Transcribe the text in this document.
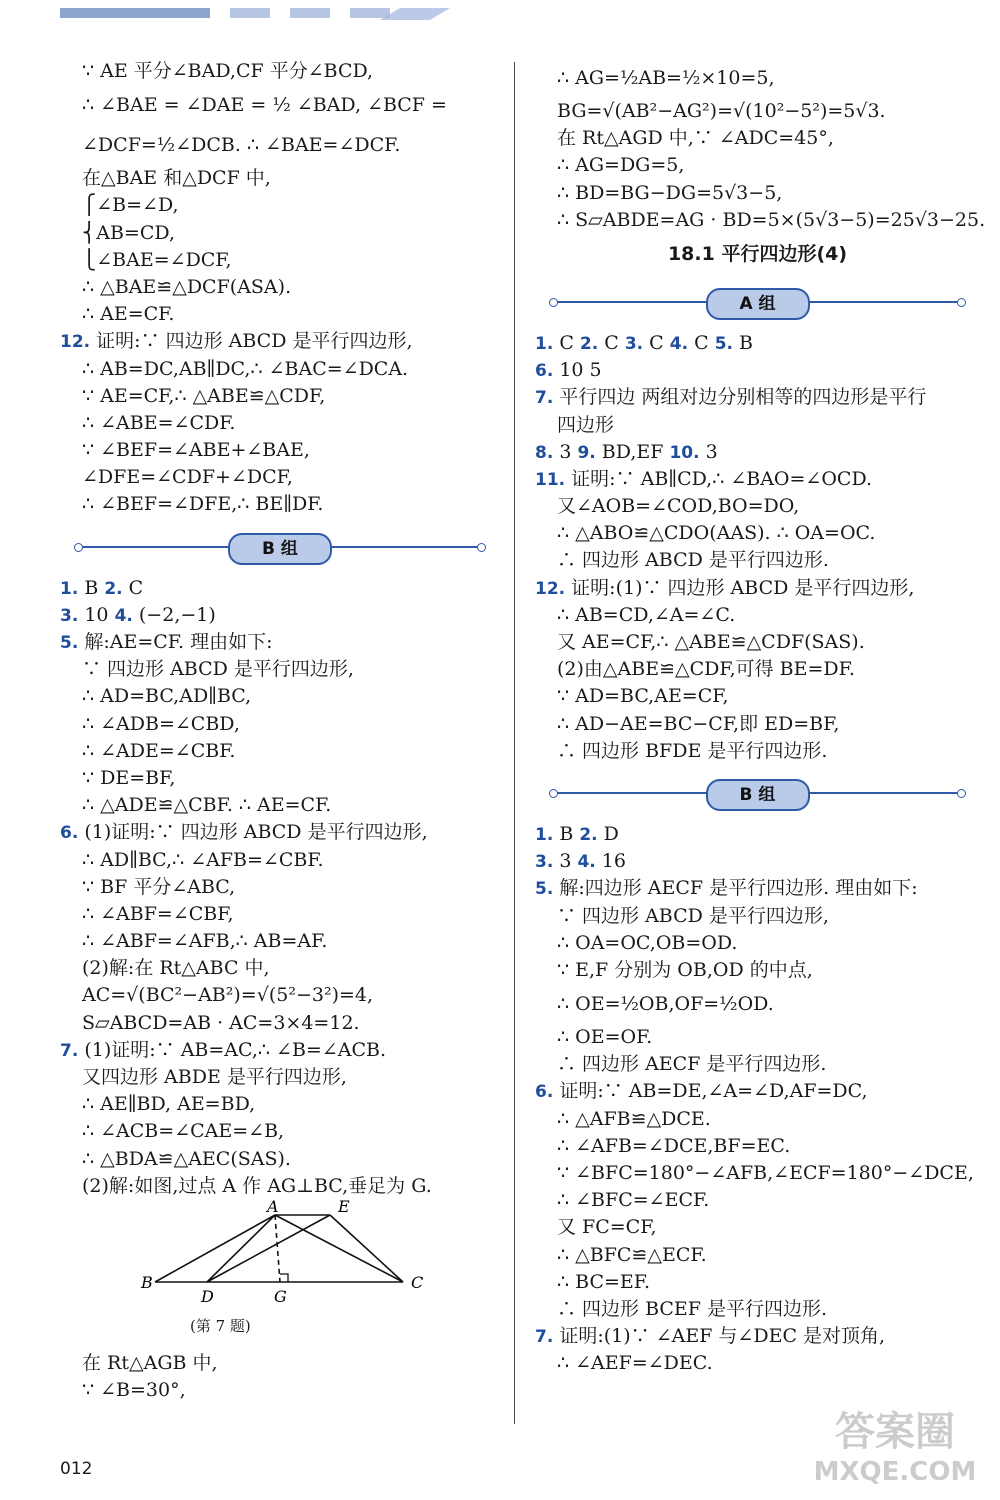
∵ AE 平分∠BAD,CF 平分∠BCD,
∴ ∠BAE = ∠DAE = ½ ∠BAD, ∠BCF =
∠DCF=½∠DCB. ∴ ∠BAE=∠DCF.
在△BAE 和△DCF 中,
⎧∠B=∠D,
⎨AB=CD,
⎩∠BAE=∠DCF,
∴ △BAE≌△DCF(ASA).
∴ AE=CF.
12. 证明:∵ 四边形 ABCD 是平行四边形,
∴ AB=DC,AB∥DC,∴ ∠BAC=∠DCA.
∵ AE=CF,∴ △ABE≌△CDF,
∴ ∠ABE=∠CDF.
∵ ∠BEF=∠ABE+∠BAE,
∠DFE=∠CDF+∠DCF,
∴ ∠BEF=∠DFE,∴ BE∥DF.
B 组
1. B 2. C
3. 10 4. (−2,−1)
5. 解:AE=CF. 理由如下:
∵ 四边形 ABCD 是平行四边形,
∴ AD=BC,AD∥BC,
∴ ∠ADB=∠CBD,
∴ ∠ADE=∠CBF.
∵ DE=BF,
∴ △ADE≌△CBF. ∴ AE=CF.
6. (1)证明:∵ 四边形 ABCD 是平行四边形,
∴ AD∥BC,∴ ∠AFB=∠CBF.
∵ BF 平分∠ABC,
∴ ∠ABF=∠CBF,
∴ ∠ABF=∠AFB,∴ AB=AF.
(2)解:在 Rt△ABC 中,
AC=√(BC²−AB²)=√(5²−3²)=4,
S▱ABCD=AB · AC=3×4=12.
7. (1)证明:∵ AB=AC,∴ ∠B=∠ACB.
又四边形 ABDE 是平行四边形,
∴ AE∥BD, AE=BD,
∴ ∠ACB=∠CAE=∠B,
∴ △BDA≌△AEC(SAS).
(2)解:如图,过点 A 作 AG⊥BC,垂足为 G.
A	E
B
D	G
C
(第 7 题)
在 Rt△AGB 中,
∵ ∠B=30°,
∴ AG=½AB=½×10=5,
BG=√(AB²−AG²)=√(10²−5²)=5√3.
在 Rt△AGD 中,∵ ∠ADC=45°,
∴ AG=DG=5,
∴ BD=BG−DG=5√3−5,
∴ S▱ABDE=AG · BD=5×(5√3−5)=25√3−25.
18.1 平行四边形(4)
A 组
1. C 2. C 3. C 4. C 5. B
6. 10 5
7. 平行四边 两组对边分别相等的四边形是平行
四边形
8. 3 9. BD,EF 10. 3
11. 证明:∵ AB∥CD,∴ ∠BAO=∠OCD.
又∠AOB=∠COD,BO=DO,
∴ △ABO≌△CDO(AAS). ∴ OA=OC.
∴ 四边形 ABCD 是平行四边形.
12. 证明:(1)∵ 四边形 ABCD 是平行四边形,
∴ AB=CD,∠A=∠C.
又 AE=CF,∴ △ABE≌△CDF(SAS).
(2)由△ABE≌△CDF,可得 BE=DF.
∵ AD=BC,AE=CF,
∴ AD−AE=BC−CF,即 ED=BF,
∴ 四边形 BFDE 是平行四边形.
B 组
1. B 2. D
3. 3 4. 16
5. 解:四边形 AECF 是平行四边形. 理由如下:
∵ 四边形 ABCD 是平行四边形,
∴ OA=OC,OB=OD.
∵ E,F 分别为 OB,OD 的中点,
∴ OE=½OB,OF=½OD.
∴ OE=OF.
∴ 四边形 AECF 是平行四边形.
6. 证明:∵ AB=DE,∠A=∠D,AF=DC,
∴ △AFB≌△DCE.
∴ ∠AFB=∠DCE,BF=EC.
∵ ∠BFC=180°−∠AFB,∠ECF=180°−∠DCE,
∴ ∠BFC=∠ECF.
又 FC=CF,
∴ △BFC≌△ECF.
∴ BC=EF.
∴ 四边形 BCEF 是平行四边形.
7. 证明:(1)∵ ∠AEF 与∠DEC 是对顶角,
∴ ∠AEF=∠DEC.
012
答案圈
MXQE.COM
